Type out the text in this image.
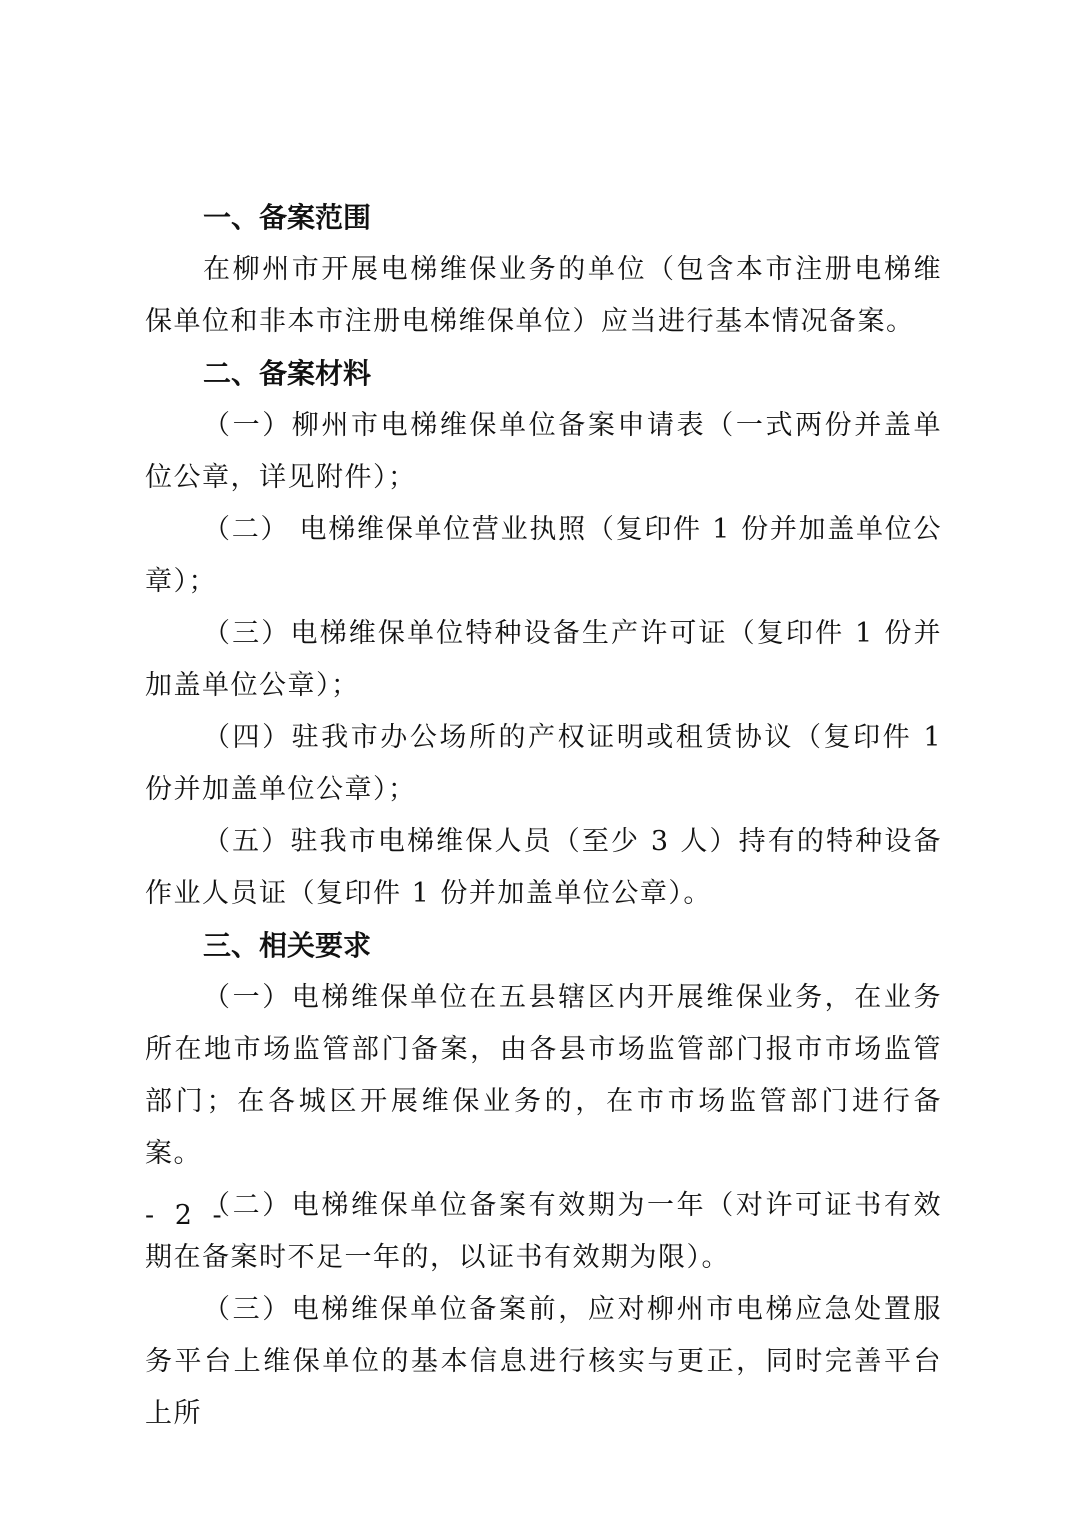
一、备案范围

在柳州市开展电梯维保业务的单位（包含本市注册电梯维保单位和非本市注册电梯维保单位）应当进行基本情况备案。

二、备案材料

（一）柳州市电梯维保单位备案申请表（一式两份并盖单位公章，详见附件）；

（二） 电梯维保单位营业执照（复印件 1 份并加盖单位公章）；

（三）电梯维保单位特种设备生产许可证（复印件 1 份并加盖单位公章）；

（四）驻我市办公场所的产权证明或租赁协议（复印件 1 份并加盖单位公章）；

（五）驻我市电梯维保人员（至少 3 人）持有的特种设备作业人员证（复印件 1 份并加盖单位公章）。

三、相关要求

（一）电梯维保单位在五县辖区内开展维保业务，在业务所在地市场监管部门备案，由各县市场监管部门报市市场监管部门；在各城区开展维保业务的，在市市场监管部门进行备案。

（二）电梯维保单位备案有效期为一年（对许可证书有效期在备案时不足一年的，以证书有效期为限）。

（三）电梯维保单位备案前，应对柳州市电梯应急处置服务平台上维保单位的基本信息进行核实与更正，同时完善平台上所

- 2 -
